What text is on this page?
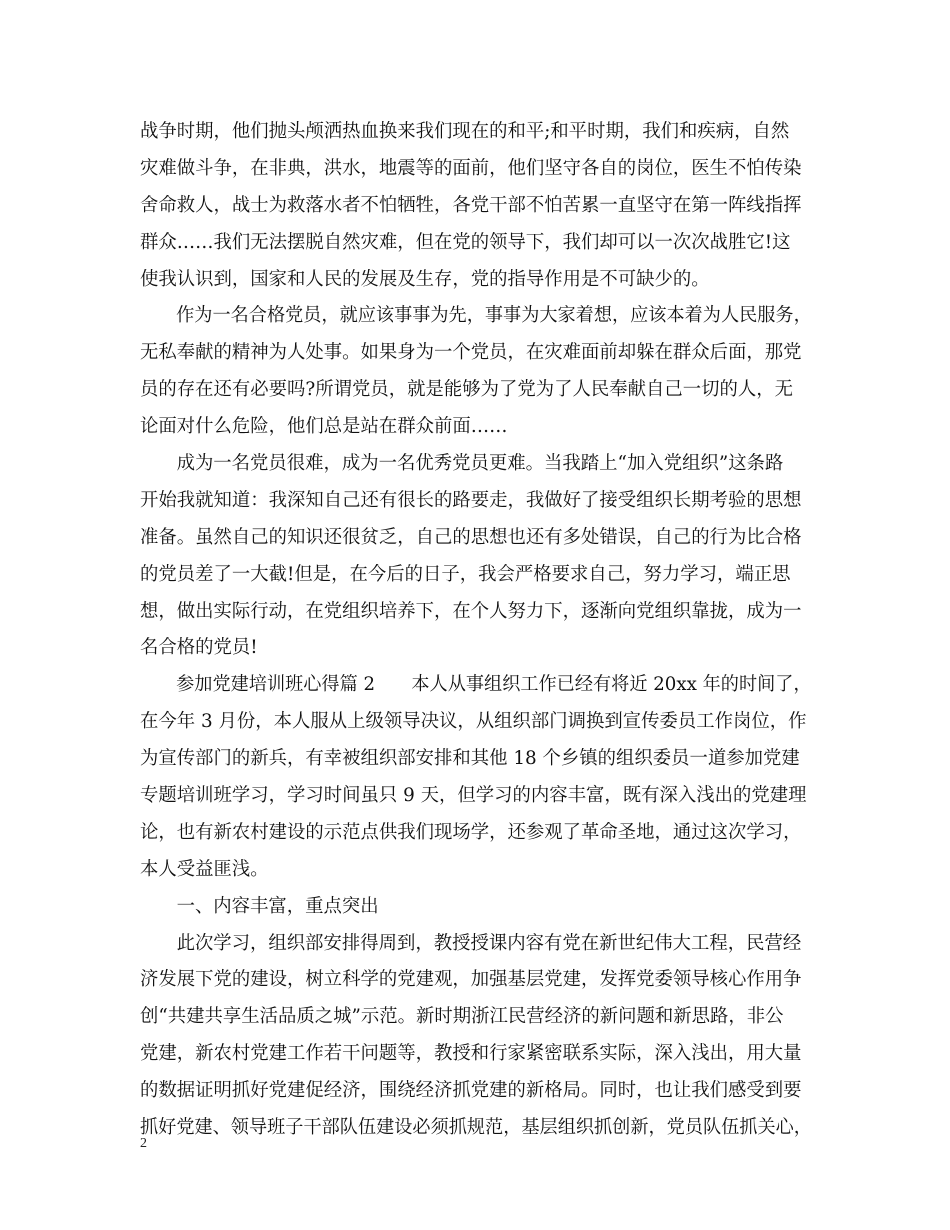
战争时期，他们抛头颅洒热血换来我们现在的和平;和平时期，我们和疾病，自然
灾难做斗争，在非典，洪水，地震等的面前，他们坚守各自的岗位，医生不怕传染
舍命救人，战士为救落水者不怕牺牲，各党干部不怕苦累一直坚守在第一阵线指挥
群众……我们无法摆脱自然灾难，但在党的领导下，我们却可以一次次战胜它!这
使我认识到，国家和人民的发展及生存，党的指导作用是不可缺少的。
作为一名合格党员，就应该事事为先，事事为大家着想，应该本着为人民服务，
无私奉献的精神为人处事。如果身为一个党员，在灾难面前却躲在群众后面，那党
员的存在还有必要吗?所谓党员，就是能够为了党为了人民奉献自己一切的人，无
论面对什么危险，他们总是站在群众前面……
成为一名党员很难，成为一名优秀党员更难。当我踏上“加入党组织”这条路
开始我就知道：我深知自己还有很长的路要走，我做好了接受组织长期考验的思想
准备。虽然自己的知识还很贫乏，自己的思想也还有多处错误，自己的行为比合格
的党员差了一大截!但是，在今后的日子，我会严格要求自己，努力学习，端正思
想，做出实际行动，在党组织培养下，在个人努力下，逐渐向党组织靠拢，成为一
名合格的党员!
参加党建培训班心得篇 2　　本人从事组织工作已经有将近 20xx 年的时间了，
在今年 3 月份，本人服从上级领导决议，从组织部门调换到宣传委员工作岗位，作
为宣传部门的新兵，有幸被组织部安排和其他 18 个乡镇的组织委员一道参加党建
专题培训班学习，学习时间虽只 9 天，但学习的内容丰富，既有深入浅出的党建理
论，也有新农村建设的示范点供我们现场学，还参观了革命圣地，通过这次学习，
本人受益匪浅。
一、内容丰富，重点突出
此次学习，组织部安排得周到，教授授课内容有党在新世纪伟大工程，民营经
济发展下党的建设，树立科学的党建观，加强基层党建，发挥党委领导核心作用争
创“共建共享生活品质之城”示范。新时期浙江民营经济的新问题和新思路，非公
党建，新农村党建工作若干问题等，教授和行家紧密联系实际，深入浅出，用大量
的数据证明抓好党建促经济，围绕经济抓党建的新格局。同时，也让我们感受到要
抓好党建、领导班子干部队伍建设必须抓规范，基层组织抓创新，党员队伍抓关心，
2
